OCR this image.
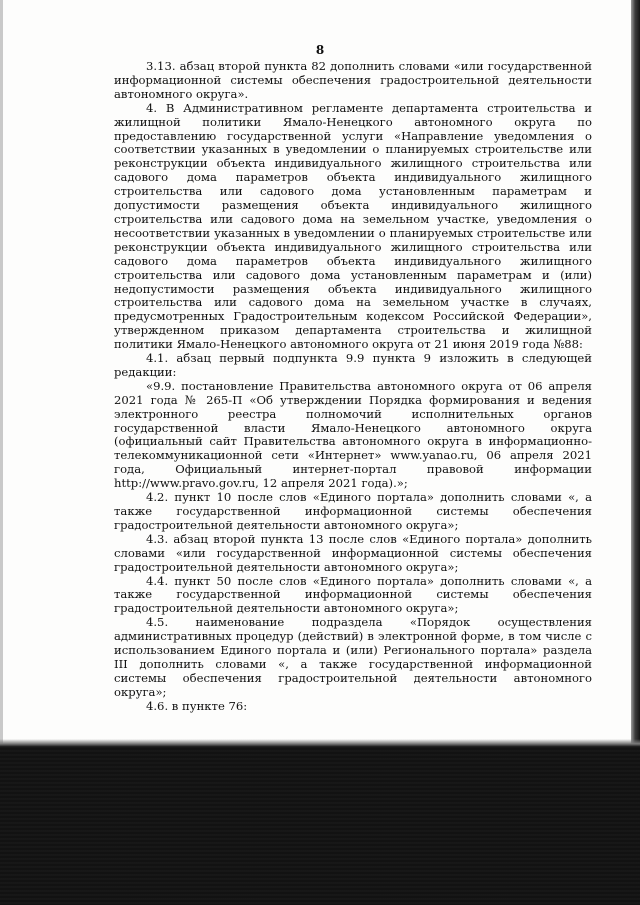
8

3.13. абзац второй пункта 82 дополнить словами «или государственной информационной системы обеспечения градостроительной деятельности автономного округа».

4. В Административном регламенте департамента строительства и жилищной политики Ямало-Ненецкого автономного округа по предоставлению государственной услуги «Направление уведомления о соответствии указанных в уведомлении о планируемых строительстве или реконструкции объекта индивидуального жилищного строительства или садового дома параметров объекта индивидуального жилищного строительства или садового дома установленным параметрам и допустимости размещения объекта индивидуального жилищного строительства или садового дома на земельном участке, уведомления о несоответствии указанных в уведомлении о планируемых строительстве или реконструкции объекта индивидуального жилищного строительства или садового дома параметров объекта индивидуального жилищного строительства или садового дома установленным параметрам и (или) недопустимости размещения объекта индивидуального жилищного строительства или садового дома на земельном участке в случаях, предусмотренных Градостроительным кодексом Российской Федерации», утвержденном приказом департамента строительства и жилищной политики Ямало-Ненецкого автономного округа от 21 июня 2019 года №88:

4.1. абзац первый подпункта 9.9 пункта 9 изложить в следующей редакции:

«9.9. постановление Правительства автономного округа от 06 апреля 2021 года № 265-П «Об утверждении Порядка формирования и ведения электронного реестра полномочий исполнительных органов государственной власти Ямало-Ненецкого автономного округа (официальный сайт Правительства автономного округа в информационно-телекоммуникационной сети «Интернет» www.yanao.ru, 06 апреля 2021 года, Официальный интернет-портал правовой информации http://www.pravo.gov.ru, 12 апреля 2021 года).»;

4.2. пункт 10 после слов «Единого портала» дополнить словами «, а также государственной информационной системы обеспечения градостроительной деятельности автономного округа»;

4.3. абзац второй пункта 13 после слов «Единого портала» дополнить словами «или государственной информационной системы обеспечения градостроительной деятельности автономного округа»;

4.4. пункт 50 после слов «Единого портала» дополнить словами «, а также государственной информационной системы обеспечения градостроительной деятельности автономного округа»;

4.5. наименование подраздела «Порядок осуществления административных процедур (действий) в электронной форме, в том числе с использованием Единого портала и (или) Регионального портала» раздела III дополнить словами «, а также государственной информационной системы обеспечения градостроительной деятельности автономного округа»;

4.6. в пункте 76:
